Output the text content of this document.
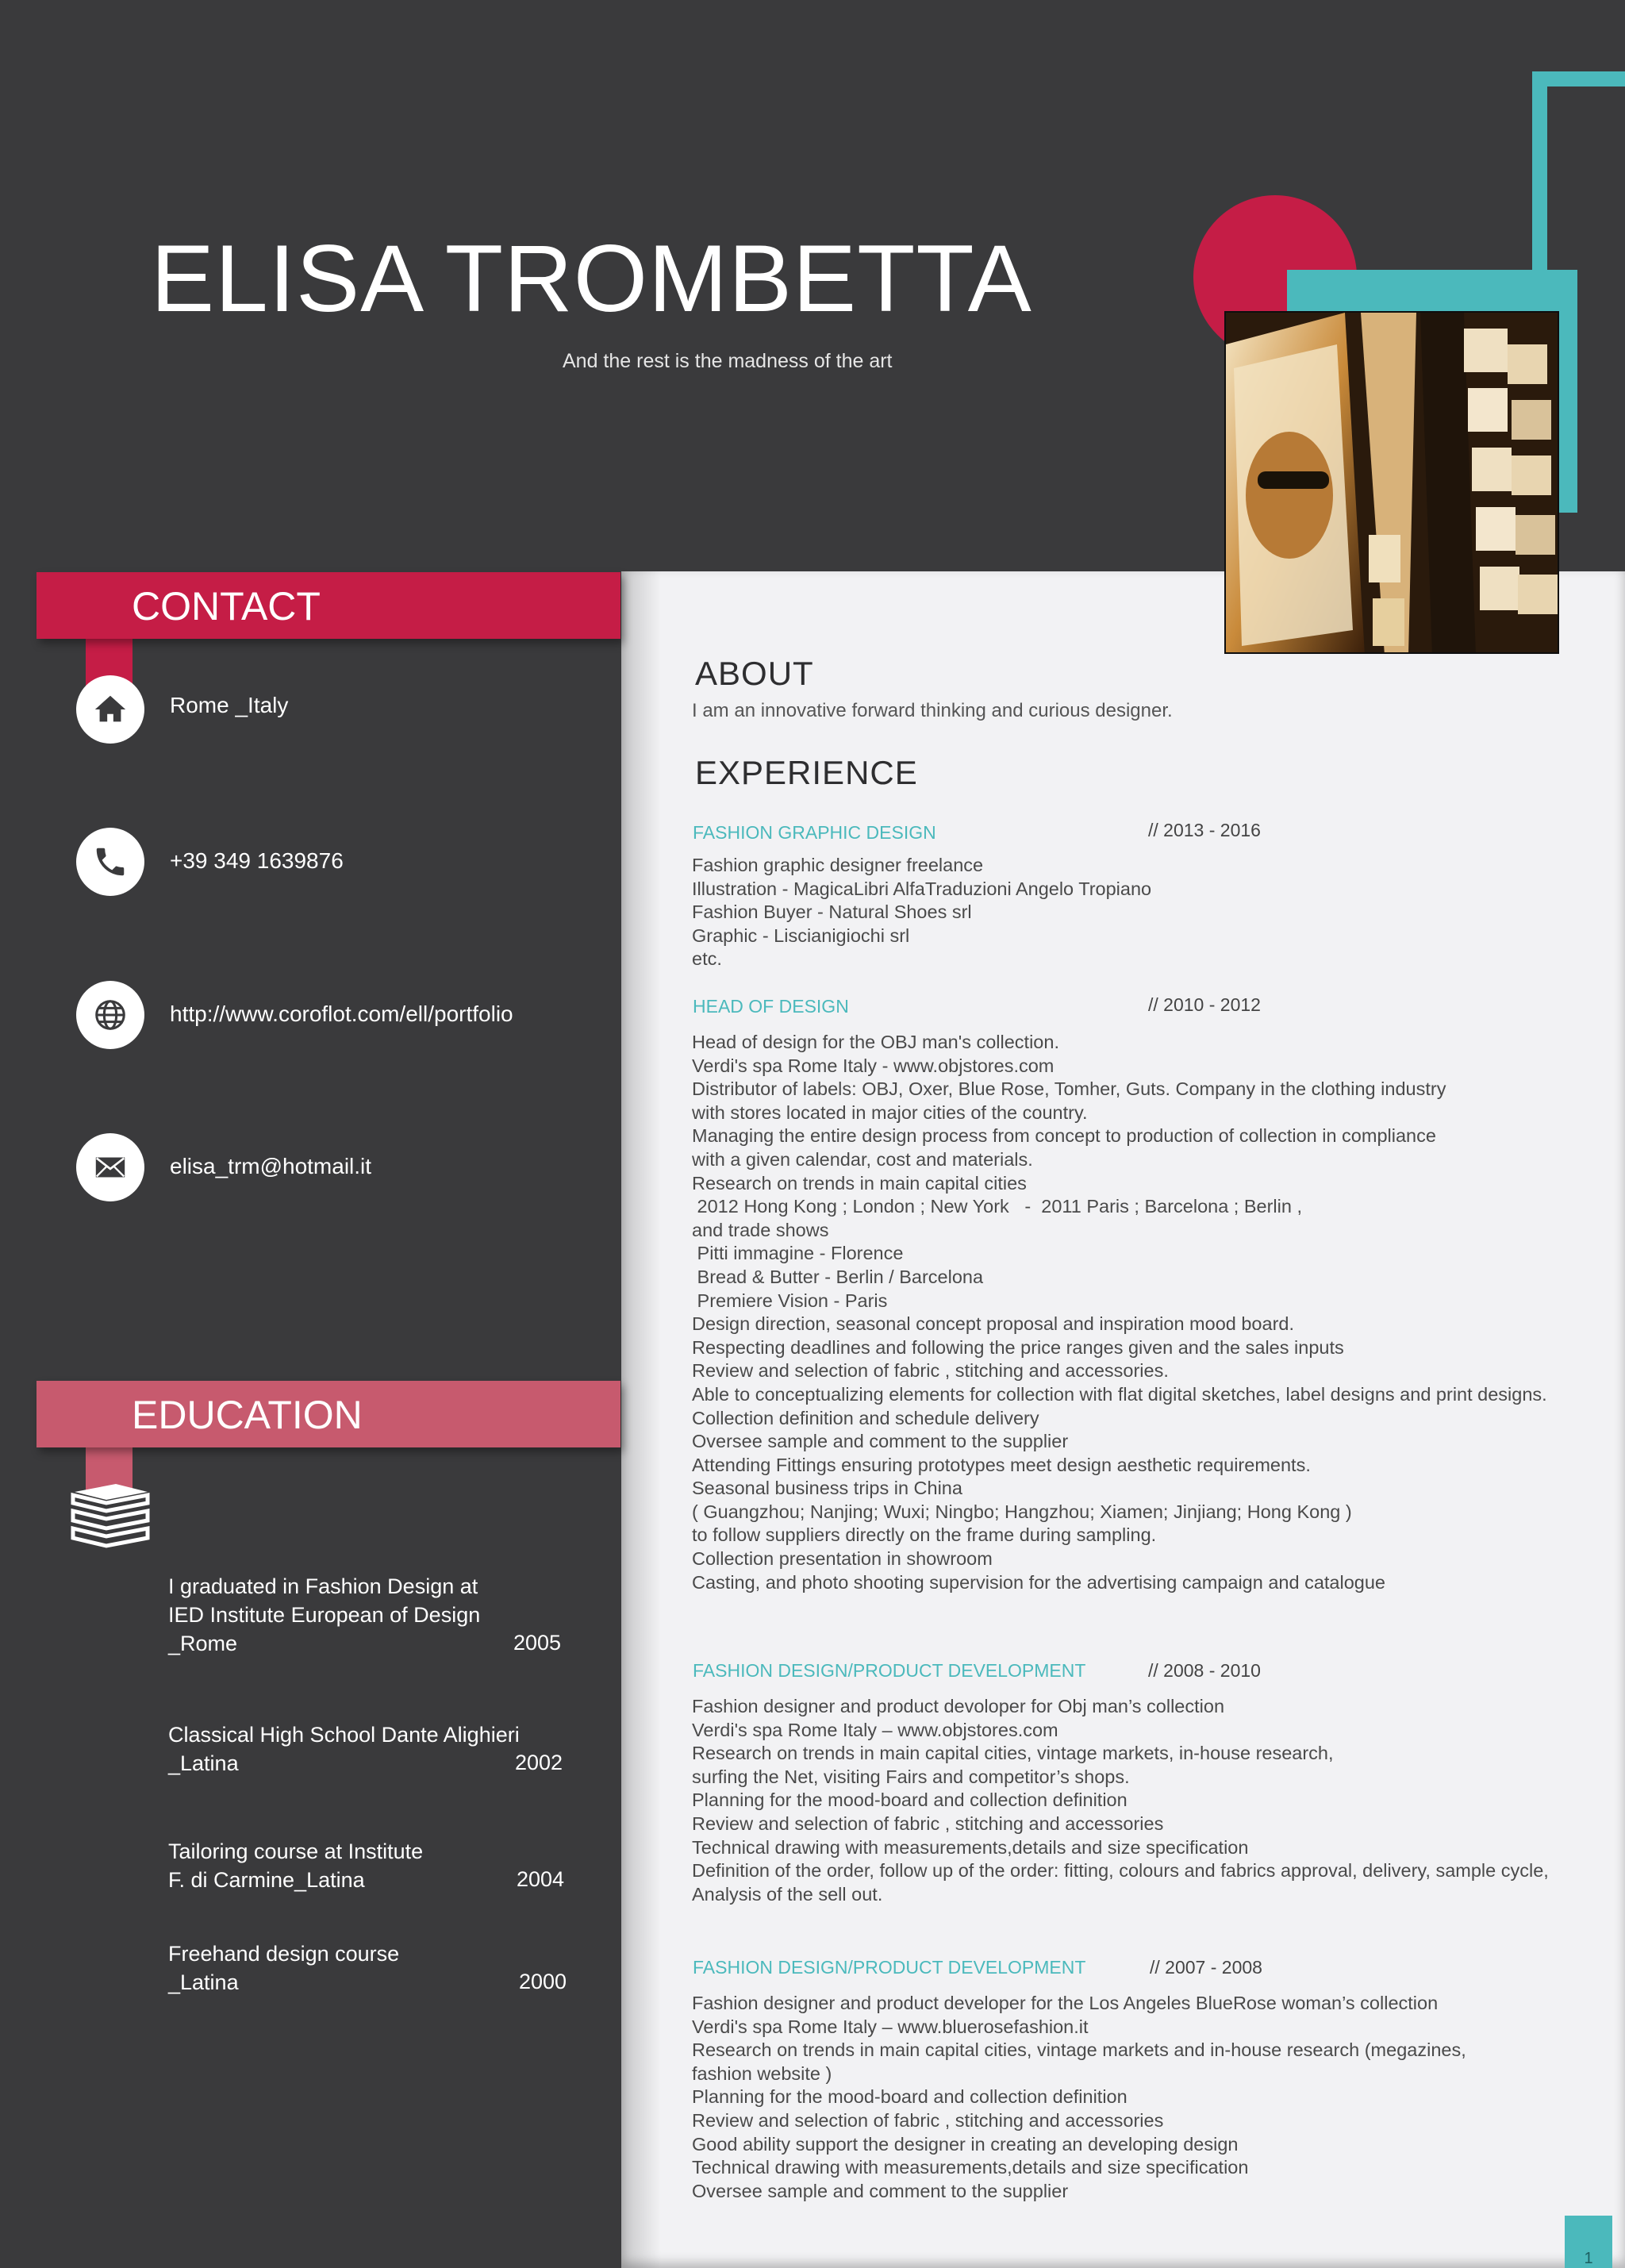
ELISA TROMBETTA
And the rest is the madness of the art
CONTACT
Rome _Italy
+39 349 1639876
http://www.coroflot.com/ell/portfolio
elisa_trm@hotmail.it
EDUCATION
I graduated in Fashion Design at
IED Institute European of Design
_Rome	2005
Classical High School Dante Alighieri
_Latina	2002
Tailoring course at Institute
F. di Carmine_Latina	2004
Freehand design course
_Latina	2000
ABOUT
I am an innovative forward thinking and curious designer.
EXPERIENCE
FASHION GRAPHIC DESIGN	// 2013 - 2016
Fashion graphic designer freelance
Illustration - MagicaLibri AlfaTraduzioni Angelo Tropiano
Fashion Buyer - Natural Shoes srl
Graphic - Liscianigiochi srl
etc.
HEAD OF DESIGN	// 2010 - 2012
Head of design for the OBJ man's collection.
Verdi's spa Rome Italy - www.objstores.com
Distributor of labels: OBJ, Oxer, Blue Rose, Tomher, Guts. Company in the clothing industry
with stores located in major cities of the country.
Managing the entire design process from concept to production of collection in compliance
with a given calendar, cost and materials.
Research on trends in main capital cities
2012 Hong Kong ; London ; New York   -  2011 Paris ; Barcelona ; Berlin ,
and trade shows
Pitti immagine - Florence
Bread & Butter - Berlin / Barcelona
Premiere Vision - Paris
Design direction, seasonal concept proposal and inspiration mood board.
Respecting deadlines and following the price ranges given and the sales inputs
Review and selection of fabric , stitching and accessories.
Able to conceptualizing elements for collection with flat digital sketches, label designs and print designs.
Collection definition and schedule delivery
Oversee sample and comment to the supplier
Attending Fittings ensuring prototypes meet design aesthetic requirements.
Seasonal business trips in China
( Guangzhou; Nanjing; Wuxi; Ningbo; Hangzhou; Xiamen; Jinjiang; Hong Kong )
to follow suppliers directly on the frame during sampling.
Collection presentation in showroom
Casting, and photo shooting supervision for the advertising campaign and catalogue
FASHION DESIGN/PRODUCT DEVELOPMENT	// 2008 - 2010
Fashion designer and product devoloper for Obj man’s collection
Verdi's spa Rome Italy – www.objstores.com
Research on trends in main capital cities, vintage markets, in-house research,
surfing the Net, visiting Fairs and competitor’s shops.
Planning for the mood-board and collection definition
Review and selection of fabric , stitching and accessories
Technical drawing with measurements,details and size specification
Definition of the order, follow up of the order: fitting, colours and fabrics approval, delivery, sample cycle,
Analysis of the sell out.
FASHION DESIGN/PRODUCT DEVELOPMENT	// 2007 - 2008
Fashion designer and product developer for the Los Angeles BlueRose woman’s collection
Verdi's spa Rome Italy – www.bluerosefashion.it
Research on trends in main capital cities, vintage markets and in-house research (megazines,
fashion website )
Planning for the mood-board and collection definition
Review and selection of fabric , stitching and accessories
Good ability support the designer in creating an developing design
Technical drawing with measurements,details and size specification
Oversee sample and comment to the supplier
1
